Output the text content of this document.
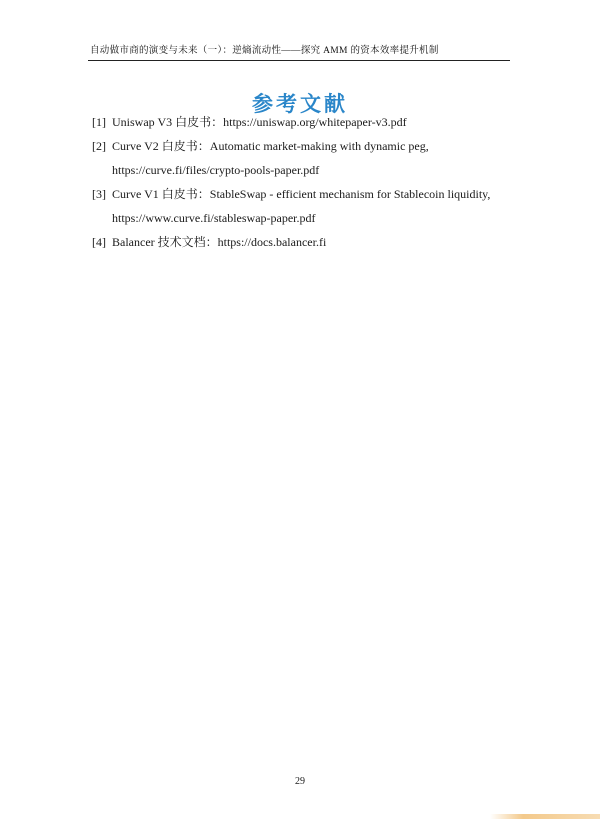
自动做市商的演变与未来（一）：逆熵流动性——探究 AMM 的资本效率提升机制
参考文献
[1] Uniswap V3 白皮书：https://uniswap.org/whitepaper-v3.pdf
[2] Curve V2 白皮书：Automatic market-making with dynamic peg,
https://curve.fi/files/crypto-pools-paper.pdf
[3] Curve V1 白皮书：StableSwap - efficient mechanism for Stablecoin liquidity,
https://www.curve.fi/stableswap-paper.pdf
[4] Balancer 技术文档：https://docs.balancer.fi
29
